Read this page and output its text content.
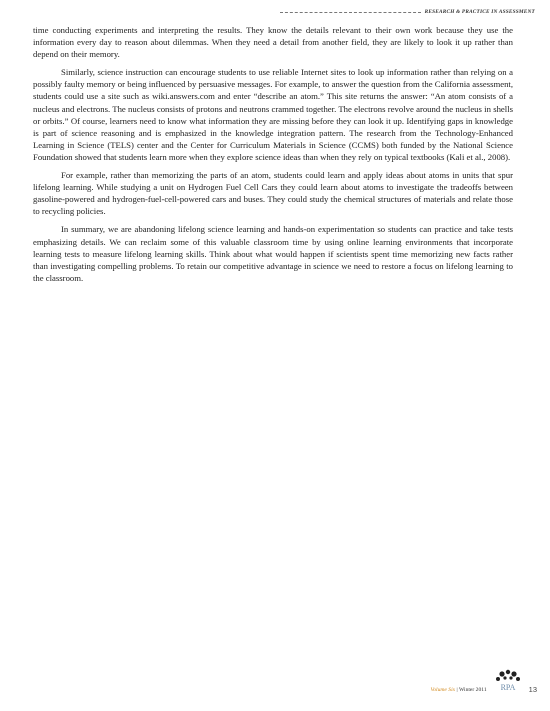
RESEARCH & PRACTICE IN ASSESSMENT

time conducting experiments and interpreting the results. They know the details relevant to their own work because they use the information every day to reason about dilemmas. When they need a detail from another field, they are likely to look it up rather than depend on their memory.

Similarly, science instruction can encourage students to use reliable Internet sites to look up information rather than relying on a possibly faulty memory or being influenced by persuasive messages. For example, to answer the question from the California assessment, students could use a site such as wiki.answers.com and enter “describe an atom.” This site returns the answer: “An atom consists of a nucleus and electrons. The nucleus consists of protons and neutrons crammed together. The electrons revolve around the nucleus in shells or orbits.” Of course, learners need to know what information they are missing before they can look it up. Identifying gaps in knowledge is part of science reasoning and is emphasized in the knowledge integration pattern. The research from the Technology-Enhanced Learning in Science (TELS) center and the Center for Curriculum Materials in Science (CCMS) both funded by the National Science Foundation showed that students learn more when they explore science ideas than when they rely on typical textbooks (Kali et al., 2008).

For example, rather than memorizing the parts of an atom, students could learn and apply ideas about atoms in units that spur lifelong learning. While studying a unit on Hydrogen Fuel Cell Cars they could learn about atoms to investigate the tradeoffs between gasoline-powered and hydrogen-fuel-cell-powered cars and buses. They could study the chemical structures of materials and relate those to recycling policies.

In summary, we are abandoning lifelong science learning and hands-on experimentation so students can practice and take tests emphasizing details. We can reclaim some of this valuable classroom time by using online learning environments that incorporate learning tests to measure lifelong learning skills. Think about what would happen if scientists spent time memorizing new facts rather than investigating compelling problems. To retain our competitive advantage in science we need to restore a focus on lifelong learning to the classroom.

Volume Six | Winter 2011 RPA 13
